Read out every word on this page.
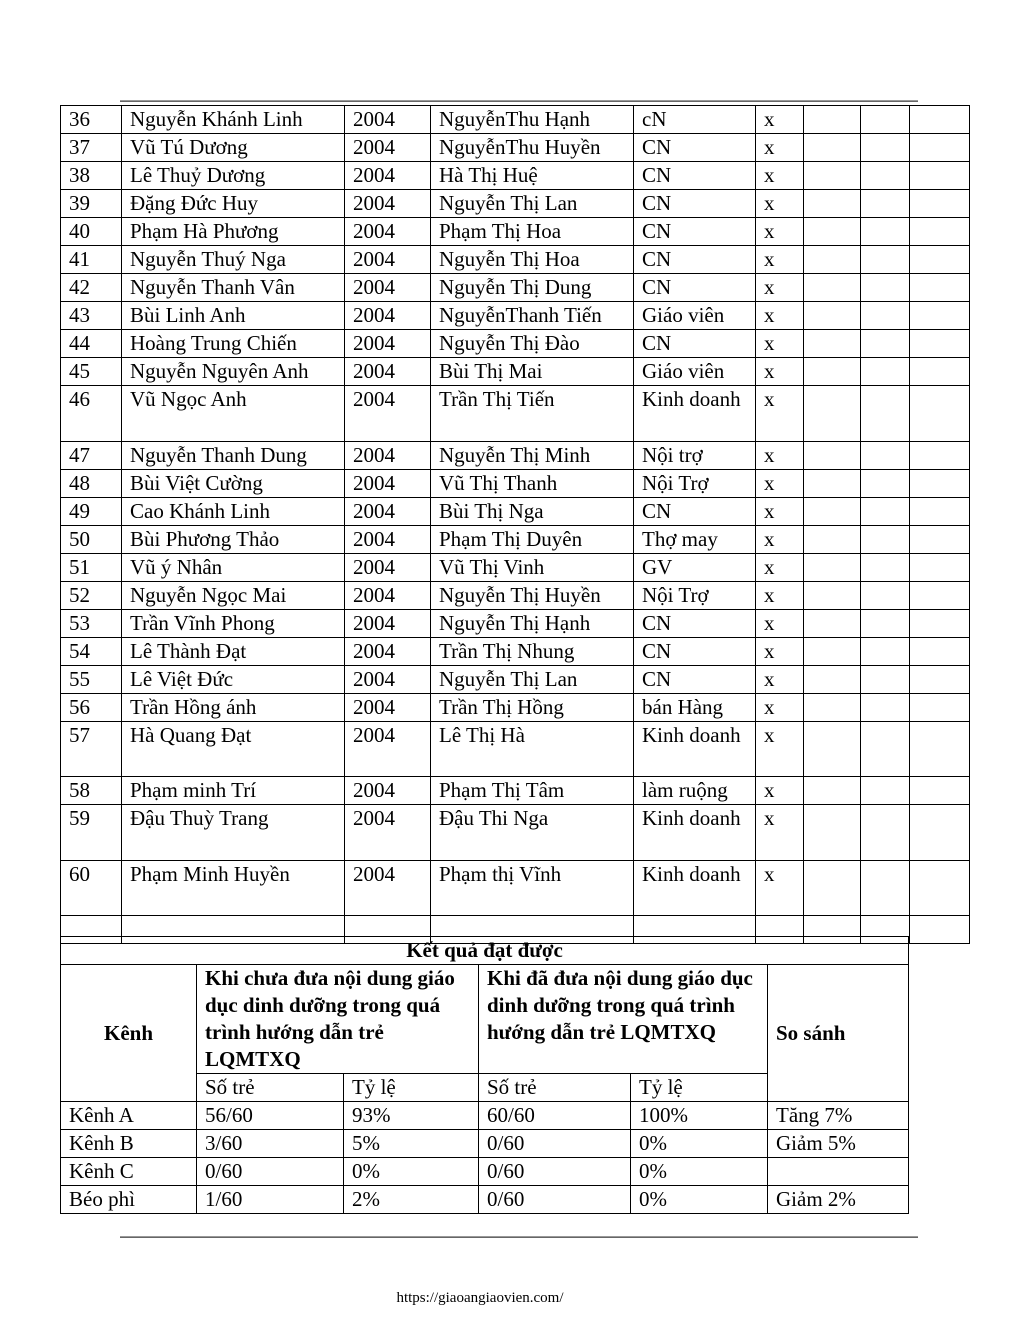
36	Nguyễn Khánh Linh	2004	NguyễnThu Hạnh	cN	x			
37	Vũ Tú Dương	2004	NguyễnThu Huyền	CN	x			
38	Lê Thuỷ Dương	2004	Hà Thị Huệ	CN	x			
39	Đặng Đức Huy	2004	Nguyễn Thị Lan	CN	x			
40	Phạm Hà Phương	2004	Phạm Thị Hoa	CN	x			
41	Nguyễn Thuý Nga	2004	Nguyễn Thị Hoa	CN	x			
42	Nguyễn Thanh Vân	2004	Nguyễn Thị Dung	CN	x			
43	Bùi Linh Anh	2004	NguyễnThanh Tiến	Giáo viên	x			
44	Hoàng Trung Chiến	2004	Nguyễn Thị Đào	CN	x			
45	Nguyễn Nguyên Anh	2004	Bùi Thị Mai	Giáo viên	x			
46	Vũ Ngọc Anh	2004	Trần Thị Tiến	Kinh doanh	x			
47	Nguyễn Thanh Dung	2004	Nguyễn Thị Minh	Nội trợ	x			
48	Bùi Việt Cường	2004	Vũ Thị Thanh	Nội Trợ	x			
49	Cao Khánh Linh	2004	Bùi Thị Nga	CN	x			
50	Bùi Phương Thảo	2004	Phạm Thị Duyên	Thợ may	x			
51	Vũ ý Nhân	2004	Vũ Thị Vinh	GV	x			
52	Nguyễn Ngọc Mai	2004	Nguyễn Thị Huyền	Nội Trợ	x			
53	Trần Vĩnh Phong	2004	Nguyễn Thị Hạnh	CN	x			
54	Lê Thành Đạt	2004	Trần Thị Nhung	CN	x			
55	Lê Việt Đức	2004	Nguyễn Thị Lan	CN	x			
56	Trần Hồng ánh	2004	Trần Thị Hồng	bán Hàng	x			
57	Hà Quang Đạt	2004	Lê Thị Hà	Kinh doanh	x			
58	Phạm minh Trí	2004	Phạm Thị Tâm	làm ruộng	x			
59	Đậu Thuỳ Trang	2004	Đậu Thi Nga	Kinh doanh	x			
60	Phạm Minh Huyền	2004	Phạm thị Vĩnh	Kinh doanh	x			

Kết quả đạt được					
Kênh	Khi chưa đưa nội dung giáo dục dinh dưỡng trong quá trình hướng dẫn trẻ LQMTXQ		Khi đã đưa nội dung giáo dục dinh dưỡng trong quá trình hướng dẫn trẻ LQMTXQ		So sánh
	Số trẻ	Tỷ lệ	Số trẻ	Tỷ lệ	
Kênh A	56/60	93%	60/60	100%	Tăng 7%
Kênh B	3/60	5%	0/60	0%	Giảm 5%
Kênh C	0/60	0%	0/60	0%	
Béo phì	1/60	2%	0/60	0%	Giảm 2%
https://giaoangiaovien.com/
